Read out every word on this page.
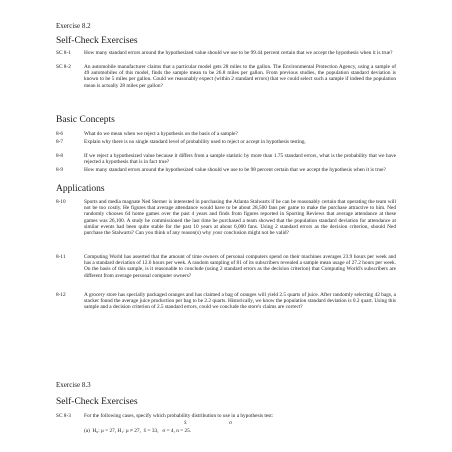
Exercise 8.2
Self-Check Exercises
SC 8-1	How many standard errors around the hypothesized value should we use to be 99.44 percent certain that we accept the hypothesis when it is true?
SC 8-2	An automobile manufacturer claims that a particular model gets 28 miles to the gallon. The Environmental Protection Agency, using a sample of 49 automobiles of this model, finds the sample mean to be 26.8 miles per gallon. From previous studies, the population standard deviation is known to be 5 miles per gallon. Could we reasonably expect (within 2 standard errors) that we could select such a sample if indeed the population mean is actually 28 miles per gallon?
Basic Concepts
8-6	What do we mean when we reject a hypothesis on the basis of a sample?
8-7	Explain why there is no single standard level of probability used to reject or accept in hypothesis testing.
8-8	If we reject a hypothesized value because it differs from a sample statistic by more than 1.75 standard errors, what is the probability that we have rejected a hypothesis that is in fact true?
8-9	How many standard errors around the hypothesized value should we use to be 98 percent certain that we accept the hypothesis when it is true?
Applications
8-10	Sports and media magnate Ned Sterner is interested in purchasing the Atlanta Stalwarts if he can be reasonably certain that operating the team will not be too costly. He figures that average attendance would have to be about 28,500 fans per game to make the purchase attractive to him. Ned randomly chooses 64 home games over the past 4 years and finds from figures reported in Sporting Reviews that average attendance at these games was 26,100. A study he commissioned the last time he purchased a team showed that the population standard deviation for attendance at similar events had been quite stable for the past 10 years at about 6,000 fans. Using 2 standard errors as the decision criterion, should Ned purchase the Stalwarts? Can you think of any reason(s) why your conclusion might not be valid?
8-11	Computing World has asserted that the amount of time owners of personal computers spend on their machines averages 23.9 hours per week and has a standard deviation of 12.6 hours per week. A random sampling of 81 of its subscribers revealed a sample mean usage of 27.2 hours per week. On the basis of this sample, is it reasonable to conclude (using 2 standard errors as the decision criterion) that Computing World's subscribers are different from average personal computer owners?
8-12	A grocery store has specially packaged oranges and has claimed a bag of oranges will yield 2.5 quarts of juice. After randomly selecting 42 bags, a stacker found the average juice production per bag to be 2.2 quarts. Historically, we know the population standard deviation is 0.2 quart. Using this sample and a decision criterion of 2.5 standard errors, could we conclude the store's claims are correct?
Exercise 8.3
Self-Check Exercises
SC 8-3	For the following cases, specify which probability distribution to use in a hypothesis test:
x̄	σ
(a)  H₀: μ = 27, H₁: μ ≠ 27,  x̄ = 33,   σ = 4, n = 25.
